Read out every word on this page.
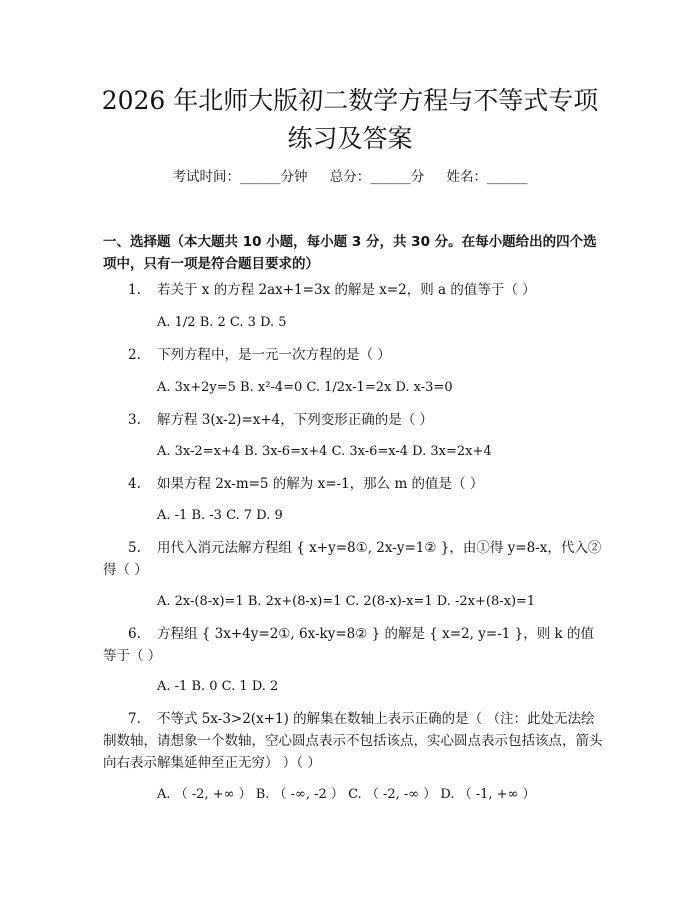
2026 年北师大版初二数学方程与不等式专项
练习及答案
考试时间：______分钟 总分：______分 姓名：______
一、选择题（本大题共 10 小题，每小题 3 分，共 30 分。在每小题给出的四个选项中，只有一项是符合题目要求的）
1. 若关于 x 的方程 2ax+1=3x 的解是 x=2，则 a 的值等于（ ）
A. 1/2 B. 2 C. 3 D. 5
2. 下列方程中，是一元一次方程的是（ ）
A. 3x+2y=5 B. x²-4=0 C. 1/2x-1=2x D. x-3=0
3. 解方程 3(x-2)=x+4，下列变形正确的是（ ）
A. 3x-2=x+4 B. 3x-6=x+4 C. 3x-6=x-4 D. 3x=2x+4
4. 如果方程 2x-m=5 的解为 x=-1，那么 m 的值是（ ）
A. -1 B. -3 C. 7 D. 9
5. 用代入消元法解方程组 { x+y=8①, 2x-y=1② }，由①得 y=8-x，代入②得（ ）
A. 2x-(8-x)=1 B. 2x+(8-x)=1 C. 2(8-x)-x=1 D. -2x+(8-x)=1
6. 方程组 { 3x+4y=2①, 6x-ky=8② } 的解是 { x=2, y=-1 }，则 k 的值等于（ ）
A. -1 B. 0 C. 1 D. 2
7. 不等式 5x-3>2(x+1) 的解集在数轴上表示正确的是（ （注：此处无法绘制数轴，请想象一个数轴，空心圆点表示不包括该点，实心圆点表示包括该点，箭头向右表示解集延伸至正无穷） ）（ ）
A. （ -2, +∞ ） B. （ -∞, -2 ） C. （ -2, -∞ ） D. （ -1, +∞ ）
